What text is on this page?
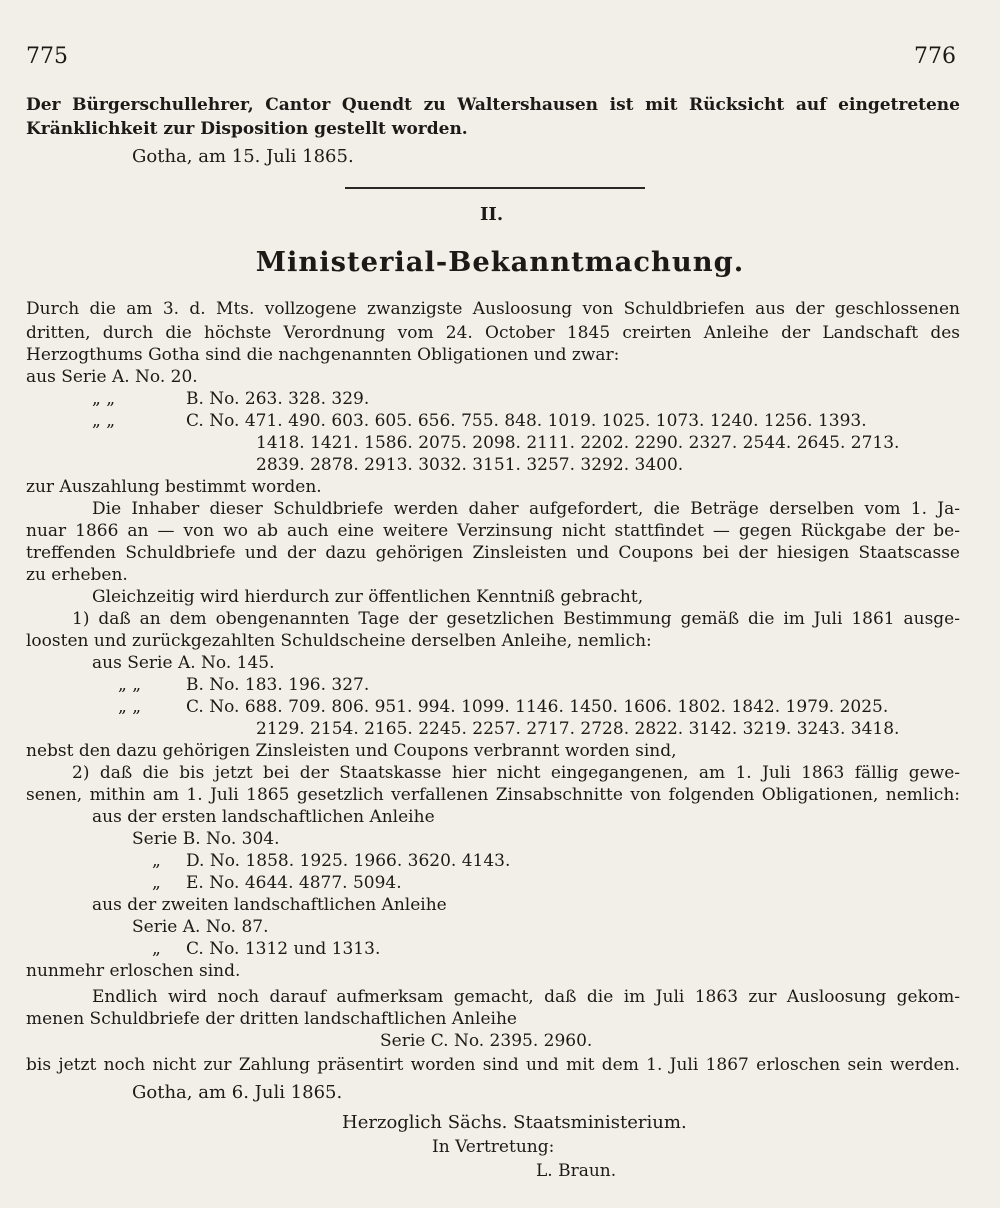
775	776
Der Bürgerschullehrer, Cantor Quendt zu Waltershausen ist mit Rücksicht auf eingetretene
Kränklichkeit zur Disposition gestellt worden.
Gotha, am 15. Juli 1865.
II.
Ministerial-Bekanntmachung.
Durch die am 3. d. Mts. vollzogene zwanzigste Ausloosung von Schuldbriefen aus der geschlossenen
dritten, durch die höchste Verordnung vom 24. October 1845 creirten Anleihe der Landschaft des
Herzogthums Gotha sind die nachgenannten Obligationen und zwar:
aus Serie A. No. 20.
„ „	B. No. 263. 328. 329.
„ „	C. No. 471. 490. 603. 605. 656. 755. 848. 1019. 1025. 1073. 1240. 1256. 1393.
1418. 1421. 1586. 2075. 2098. 2111. 2202. 2290. 2327. 2544. 2645. 2713.
2839. 2878. 2913. 3032. 3151. 3257. 3292. 3400.
zur Auszahlung bestimmt worden.
Die Inhaber dieser Schuldbriefe werden daher aufgefordert, die Beträge derselben vom 1. Ja-
nuar 1866 an — von wo ab auch eine weitere Verzinsung nicht stattfindet — gegen Rückgabe der be-
treffenden Schuldbriefe und der dazu gehörigen Zinsleisten und Coupons bei der hiesigen Staatscasse
zu erheben.
Gleichzeitig wird hierdurch zur öffentlichen Kenntniß gebracht,
1) daß an dem obengenannten Tage der gesetzlichen Bestimmung gemäß die im Juli 1861 ausge-
loosten und zurückgezahlten Schuldscheine derselben Anleihe, nemlich:
aus Serie A. No. 145.
„ „	B. No. 183. 196. 327.
„ „	C. No. 688. 709. 806. 951. 994. 1099. 1146. 1450. 1606. 1802. 1842. 1979. 2025.
2129. 2154. 2165. 2245. 2257. 2717. 2728. 2822. 3142. 3219. 3243. 3418.
nebst den dazu gehörigen Zinsleisten und Coupons verbrannt worden sind,
2) daß die bis jetzt bei der Staatskasse hier nicht eingegangenen, am 1. Juli 1863 fällig gewe-
senen, mithin am 1. Juli 1865 gesetzlich verfallenen Zinsabschnitte von folgenden Obligationen, nemlich:
aus der ersten landschaftlichen Anleihe
Serie B. No. 304.
„ D. No. 1858. 1925. 1966. 3620. 4143.
„ E. No. 4644. 4877. 5094.
aus der zweiten landschaftlichen Anleihe
Serie A. No. 87.
„ C. No. 1312 und 1313.
nunmehr erloschen sind.
Endlich wird noch darauf aufmerksam gemacht, daß die im Juli 1863 zur Ausloosung gekom-
menen Schuldbriefe der dritten landschaftlichen Anleihe
Serie C. No. 2395. 2960.
bis jetzt noch nicht zur Zahlung präsentirt worden sind und mit dem 1. Juli 1867 erloschen sein werden.
Gotha, am 6. Juli 1865.
Herzoglich Sächs. Staatsministerium.
In Vertretung:
L. Braun.
